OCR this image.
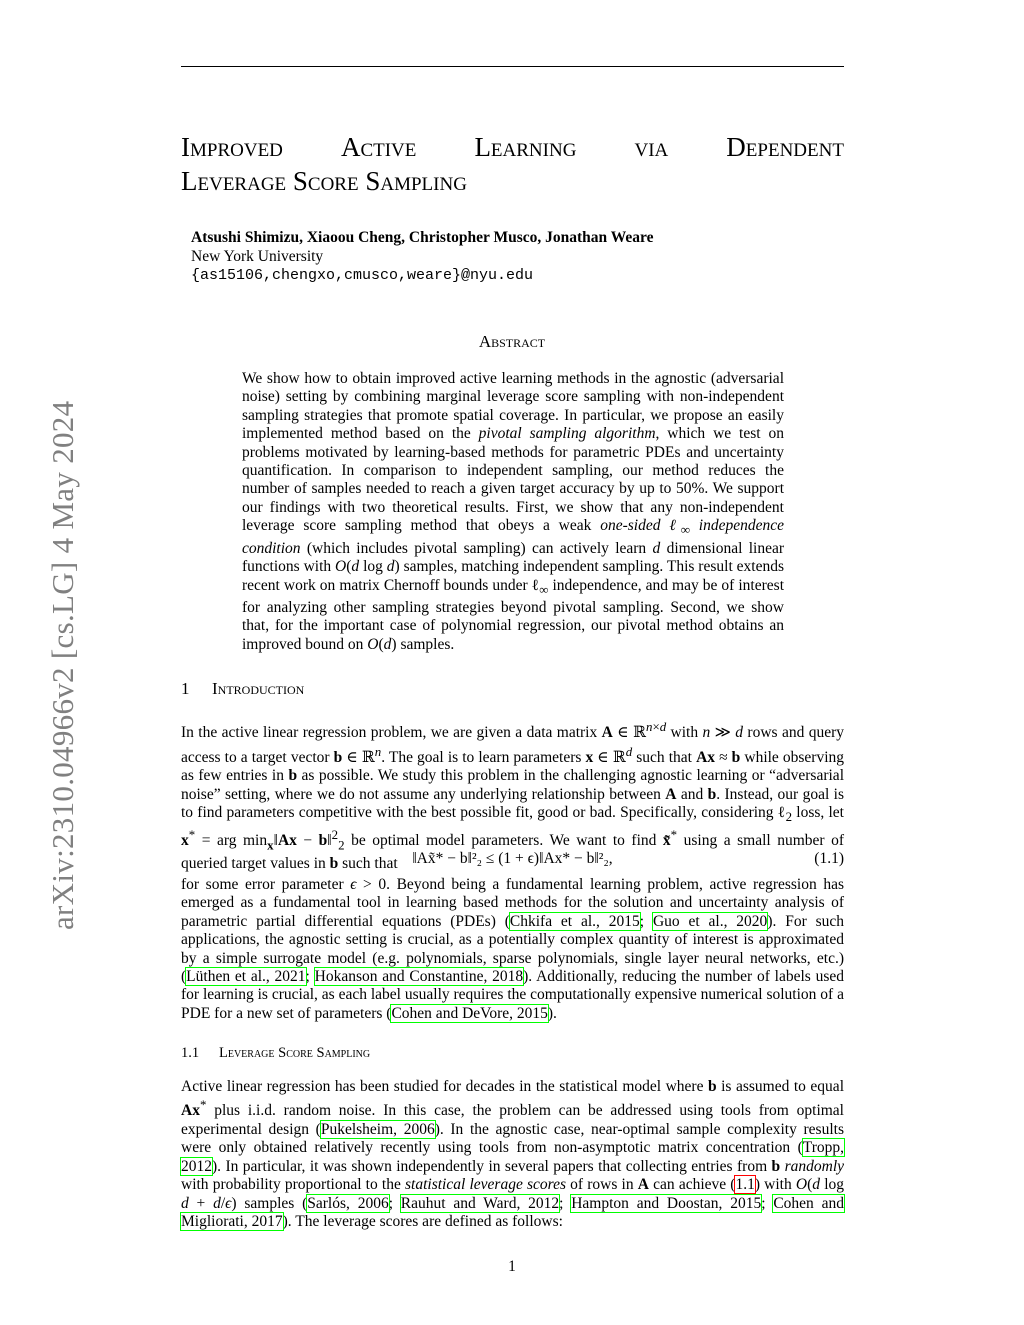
arXiv:2310.04966v2 [cs.LG] 4 May 2024
Improved Active Learning via Dependent
Leverage Score Sampling
Atsushi Shimizu, Xiaoou Cheng, Christopher Musco, Jonathan Weare
New York University
{as15106,chengxo,cmusco,weare}@nyu.edu
Abstract
We show how to obtain improved active learning methods in the agnostic (adversarial noise) setting by combining marginal leverage score sampling with non-independent sampling strategies that promote spatial coverage. In particular, we propose an easily implemented method based on the pivotal sampling algorithm, which we test on problems motivated by learning-based methods for parametric PDEs and uncertainty quantification. In comparison to independent sampling, our method reduces the number of samples needed to reach a given target accuracy by up to 50%. We support our findings with two theoretical results. First, we show that any non-independent leverage score sampling method that obeys a weak one-sided ℓ$_\infty$ independence condition (which includes pivotal sampling) can actively learn d dimensional linear functions with O(d log d) samples, matching independent sampling. This result extends recent work on matrix Chernoff bounds under ℓ$_\infty$ independence, and may be of interest for analyzing other sampling strategies beyond pivotal sampling. Second, we show that, for the important case of polynomial regression, our pivotal method obtains an improved bound on O(d) samples.
1 Introduction
In the active linear regression problem, we are given a data matrix A ∈ ℝ$^{n\times d}$ with n ≫ d rows and query access to a target vector b ∈ ℝ$^n$. The goal is to learn parameters x ∈ ℝ$^d$ such that Ax ≈ b while observing as few entries in b as possible. We study this problem in the challenging agnostic learning or “adversarial noise” setting, where we do not assume any underlying relationship between A and b. Instead, our goal is to find parameters competitive with the best possible fit, good or bad. Specifically, considering ℓ$_2$ loss, let x* = arg $\min_x‖Ax$ − b‖$^2_2$ be optimal model parameters. We want to find x̃* using a small number of queried target values in b such that ‖Ax̃* − b‖²₂ ≤ (1 + ϵ)‖Ax* − b‖²₂,	(1.1)
for some error parameter ϵ > 0. Beyond being a fundamental learning problem, active regression has emerged as a fundamental tool in learning based methods for the solution and uncertainty analysis of parametric partial differential equations (PDEs) (Chkifa et al., 2015; Guo et al., 2020). For such applications, the agnostic setting is crucial, as a potentially complex quantity of interest is approximated by a simple surrogate model (e.g. polynomials, sparse polynomials, single layer neural networks, etc.) (Lüthen et al., 2021; Hokanson and Constantine, 2018). Additionally, reducing the number of labels used for learning is crucial, as each label usually requires the computationally expensive numerical solution of a PDE for a new set of parameters (Cohen and DeVore, 2015).
1.1 Leverage Score Sampling
Active linear regression has been studied for decades in the statistical model where b is assumed to equal Ax* plus i.i.d. random noise. In this case, the problem can be addressed using tools from optimal experimental design (Pukelsheim, 2006). In the agnostic case, near-optimal sample complexity results were only obtained relatively recently using tools from non-asymptotic matrix concentration (Tropp, 2012). In particular, it was shown independently in several papers that collecting entries from b randomly with probability proportional to the statistical leverage scores of rows in A can achieve (1.1) with O(d log d + d/ϵ) samples (Sarlós, 2006; Rauhut and Ward, 2012; Hampton and Doostan, 2015; Cohen and Migliorati, 2017). The leverage scores are defined as follows:
1
